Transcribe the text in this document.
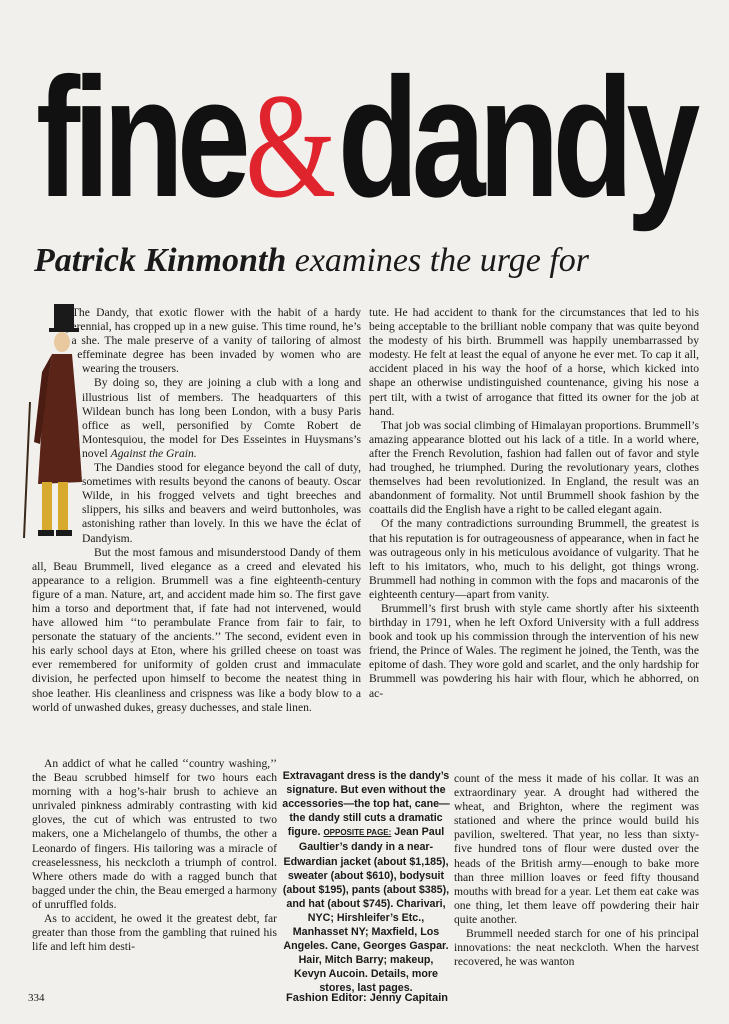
fine&dandy
Patrick Kinmonth examines the urge for

The Dandy, that exotic flower with the habit of a hardy perennial, has cropped up in a new guise. This time round, he’s a she. The male preserve of a vanity of tailoring of almost effeminate degree has been invaded by women who are wearing the trousers.

By doing so, they are joining a club with a long and illustrious list of members. The headquarters of this Wildean bunch has long been London, with a busy Paris office as well, personified by Comte Robert de Montesquiou, the model for Des Esseintes in Huysmans’s novel Against the Grain.

The Dandies stood for elegance beyond the call of duty, sometimes with results beyond the canons of beauty. Oscar Wilde, in his frogged velvets and tight breeches and slippers, his silks and beavers and weird buttonholes, was astonishing rather than lovely. In this we have the éclat of Dandyism.

But the most famous and misunderstood Dandy of them all, Beau Brummell, lived elegance as a creed and elevated his appearance to a religion. Brummell was a fine eighteenth-century figure of a man. Nature, art, and accident made him so. The first gave him a torso and deportment that, if fate had not intervened, would have allowed him ‘‘to perambulate France from fair to fair, to personate the statuary of the ancients.’’ The second, evident even in his early school days at Eton, where his grilled cheese on toast was ever remembered for uniformity of golden crust and immaculate division, he perfected upon himself to become the neatest thing in shoe leather. His cleanliness and crispness was like a body blow to a world of unwashed dukes, greasy duchesses, and stale linen.

An addict of what he called ‘‘country washing,’’ the Beau scrubbed himself for two hours each morning with a hog’s-hair brush to achieve an unrivaled pinkness admirably contrasting with kid gloves, the cut of which was entrusted to two makers, one a Michelangelo of thumbs, the other a Leonardo of fingers. His tailoring was a miracle of creaselessness, his neckcloth a triumph of control. Where others made do with a ragged bunch that bagged under the chin, the Beau emerged a harmony of unruffled folds.

As to accident, he owed it the greatest debt, far greater than those from the gambling that ruined his life and left him desti-

Extravagant dress is the dandy’s signature. But even without the accessories—the top hat, cane—the dandy still cuts a dramatic figure. OPPOSITE PAGE: Jean Paul Gaultier’s dandy in a near-Edwardian jacket (about $1,185), sweater (about $610), bodysuit (about $195), pants (about $385), and hat (about $745). Charivari, NYC; Hirshleifer’s Etc., Manhasset NY; Maxfield, Los Angeles. Cane, Georges Gaspar. Hair, Mitch Barry; makeup, Kevyn Aucoin. Details, more stores, last pages.

tute. He had accident to thank for the circumstances that led to his being acceptable to the brilliant noble company that was quite beyond the modesty of his birth. Brummell was happily unembarrassed by modesty. He felt at least the equal of anyone he ever met. To cap it all, accident placed in his way the hoof of a horse, which kicked into shape an otherwise undistinguished countenance, giving his nose a pert tilt, with a twist of arrogance that fitted its owner for the job at hand.

That job was social climbing of Himalayan proportions. Brummell’s amazing appearance blotted out his lack of a title. In a world where, after the French Revolution, fashion had fallen out of favor and style had troughed, he triumphed. During the revolutionary years, clothes themselves had been revolutionized. In England, the result was an abandonment of formality. Not until Brummell shook fashion by the coattails did the English have a right to be called elegant again.

Of the many contradictions surrounding Brummell, the greatest is that his reputation is for outrageousness of appearance, when in fact he was outrageous only in his meticulous avoidance of vulgarity. That he left to his imitators, who, much to his delight, got things wrong. Brummell had nothing in common with the fops and macaronis of the eighteenth century—apart from vanity.

Brummell’s first brush with style came shortly after his sixteenth birthday in 1791, when he left Oxford University with a full address book and took up his commission through the intervention of his new friend, the Prince of Wales. The regiment he joined, the Tenth, was the epitome of dash. They wore gold and scarlet, and the only hardship for Brummell was powdering his hair with flour, which he abhorred, on ac-

count of the mess it made of his collar. It was an extraordinary year. A drought had withered the wheat, and Brighton, where the regiment was stationed and where the prince would build his pavilion, sweltered. That year, no less than sixty-five hundred tons of flour were dusted over the heads of the British army—enough to bake more than three million loaves or feed fifty thousand mouths with bread for a year. Let them eat cake was one thing, let them leave off powdering their hair quite another.

Brummell needed starch for one of his principal innovations: the neat neckcloth. When the harvest recovered, he was wanton

334	Fashion Editor: Jenny Capitain
